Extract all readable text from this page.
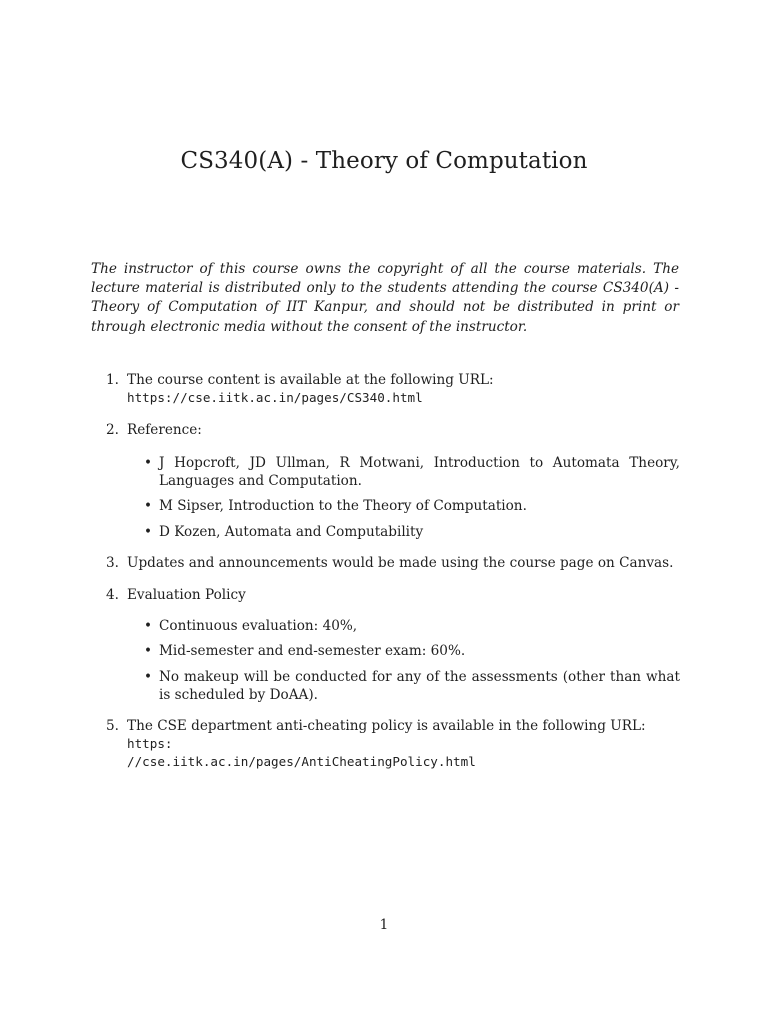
CS340(A) - Theory of Computation

The instructor of this course owns the copyright of all the course materials. The lecture material is distributed only to the students attending the course CS340(A) - Theory of Computation of IIT Kanpur, and should not be distributed in print or through electronic media without the consent of the instructor.

1. The course content is available at the following URL:
https://cse.iitk.ac.in/pages/CS340.html
2. Reference:
• J Hopcroft, JD Ullman, R Motwani, Introduction to Automata Theory, Languages and Computation.
• M Sipser, Introduction to the Theory of Computation.
• D Kozen, Automata and Computability
3. Updates and announcements would be made using the course page on Canvas.
4. Evaluation Policy
• Continuous evaluation: 40%,
• Mid-semester and end-semester exam: 60%.
• No makeup will be conducted for any of the assessments (other than what is scheduled by DoAA).
5. The CSE department anti-cheating policy is available in the following URL: https:
//cse.iitk.ac.in/pages/AntiCheatingPolicy.html
1
